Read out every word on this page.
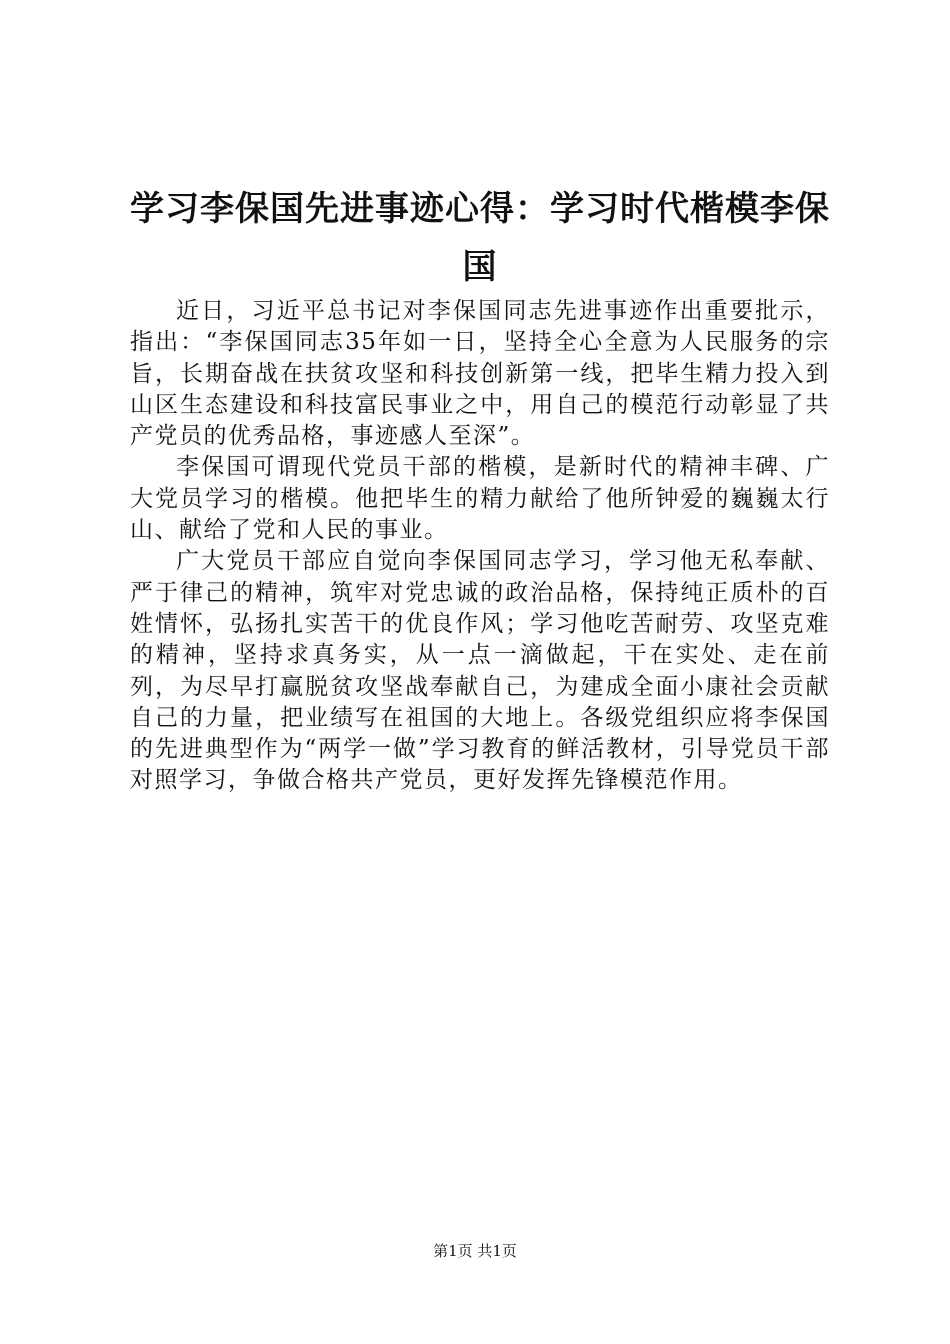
学习李保国先进事迹心得：学习时代楷模李保国

近日，习近平总书记对李保国同志先进事迹作出重要批示，指出：“李保国同志35年如一日，坚持全心全意为人民服务的宗旨，长期奋战在扶贫攻坚和科技创新第一线，把毕生精力投入到山区生态建设和科技富民事业之中，用自己的模范行动彰显了共产党员的优秀品格，事迹感人至深”。

李保国可谓现代党员干部的楷模，是新时代的精神丰碑、广大党员学习的楷模。他把毕生的精力献给了他所钟爱的巍巍太行山、献给了党和人民的事业。

广大党员干部应自觉向李保国同志学习，学习他无私奉献、严于律己的精神，筑牢对党忠诚的政治品格，保持纯正质朴的百姓情怀，弘扬扎实苦干的优良作风；学习他吃苦耐劳、攻坚克难的精神，坚持求真务实，从一点一滴做起，干在实处、走在前列，为尽早打赢脱贫攻坚战奉献自己，为建成全面小康社会贡献自己的力量，把业绩写在祖国的大地上。各级党组织应将李保国的先进典型作为“两学一做”学习教育的鲜活教材，引导党员干部对照学习，争做合格共产党员，更好发挥先锋模范作用。

第1页 共1页
